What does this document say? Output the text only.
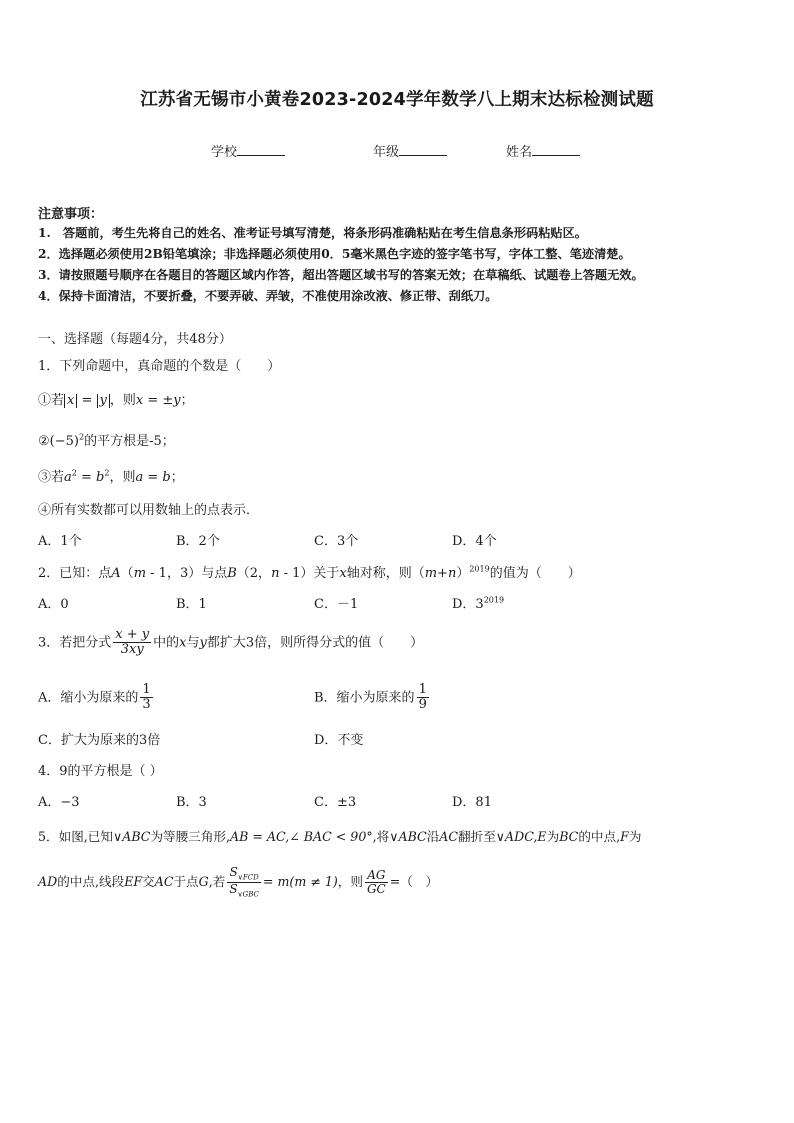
江苏省无锡市小黄卷2023-2024学年数学八上期末达标检测试题
学校	年级	姓名
注意事项：
1.　答题前，考生先将自己的姓名、准考证号填写清楚，将条形码准确粘贴在考生信息条形码粘贴区。
2．选择题必须使用2B铅笔填涂；非选择题必须使用0．5毫米黑色字迹的签字笔书写，字体工整、笔迹清楚。
3．请按照题号顺序在各题目的答题区域内作答，超出答题区域书写的答案无效；在草稿纸、试题卷上答题无效。
4．保持卡面清洁，不要折叠，不要弄破、弄皱，不准使用涂改液、修正带、刮纸刀。
一、选择题（每题4分，共48分）
1．下列命题中，真命题的个数是（　　）
①若 x = y ，则x = ±y；
$②(-5)^2$的平方根是-5；
③若$a^2 = b^2$，则a = b；
④所有实数都可以用数轴上的点表示．
A．1个	B．2个	C．3个	D．4个
2．已知：点A（m - 1，3）与点B（2，n - 1）关于x轴对称，则$(m+n)^{2019}$的值为（　　）
A．0	B．1	C．－1	D．$3^{2019}$
3．若把分式 $\frac{x + y}{3xy}$ 中的x与y都扩大3倍，则所得分式的值（　　）
A．缩小为原来的 $\frac{1}{3}$	B．缩小为原来的 $\frac{1}{9}$
C．扩大为原来的3倍	D．不变
4．9的平方根是（ ）
A．−3	B．3	C．±3	D．81
5．如图,已知∨ABC为等腰三角形,AB = AC,∠ BAC < 90°,将∨ABC沿AC翻折至∨ADC,E为BC的中点,F为
AD的中点,线段EF交AC于点G,若 $\frac{S_{\vee FCD}}{S_{\vee GBC}} = m(m \ne 1)$，则 $\frac{AG}{GC}$ =（　）
